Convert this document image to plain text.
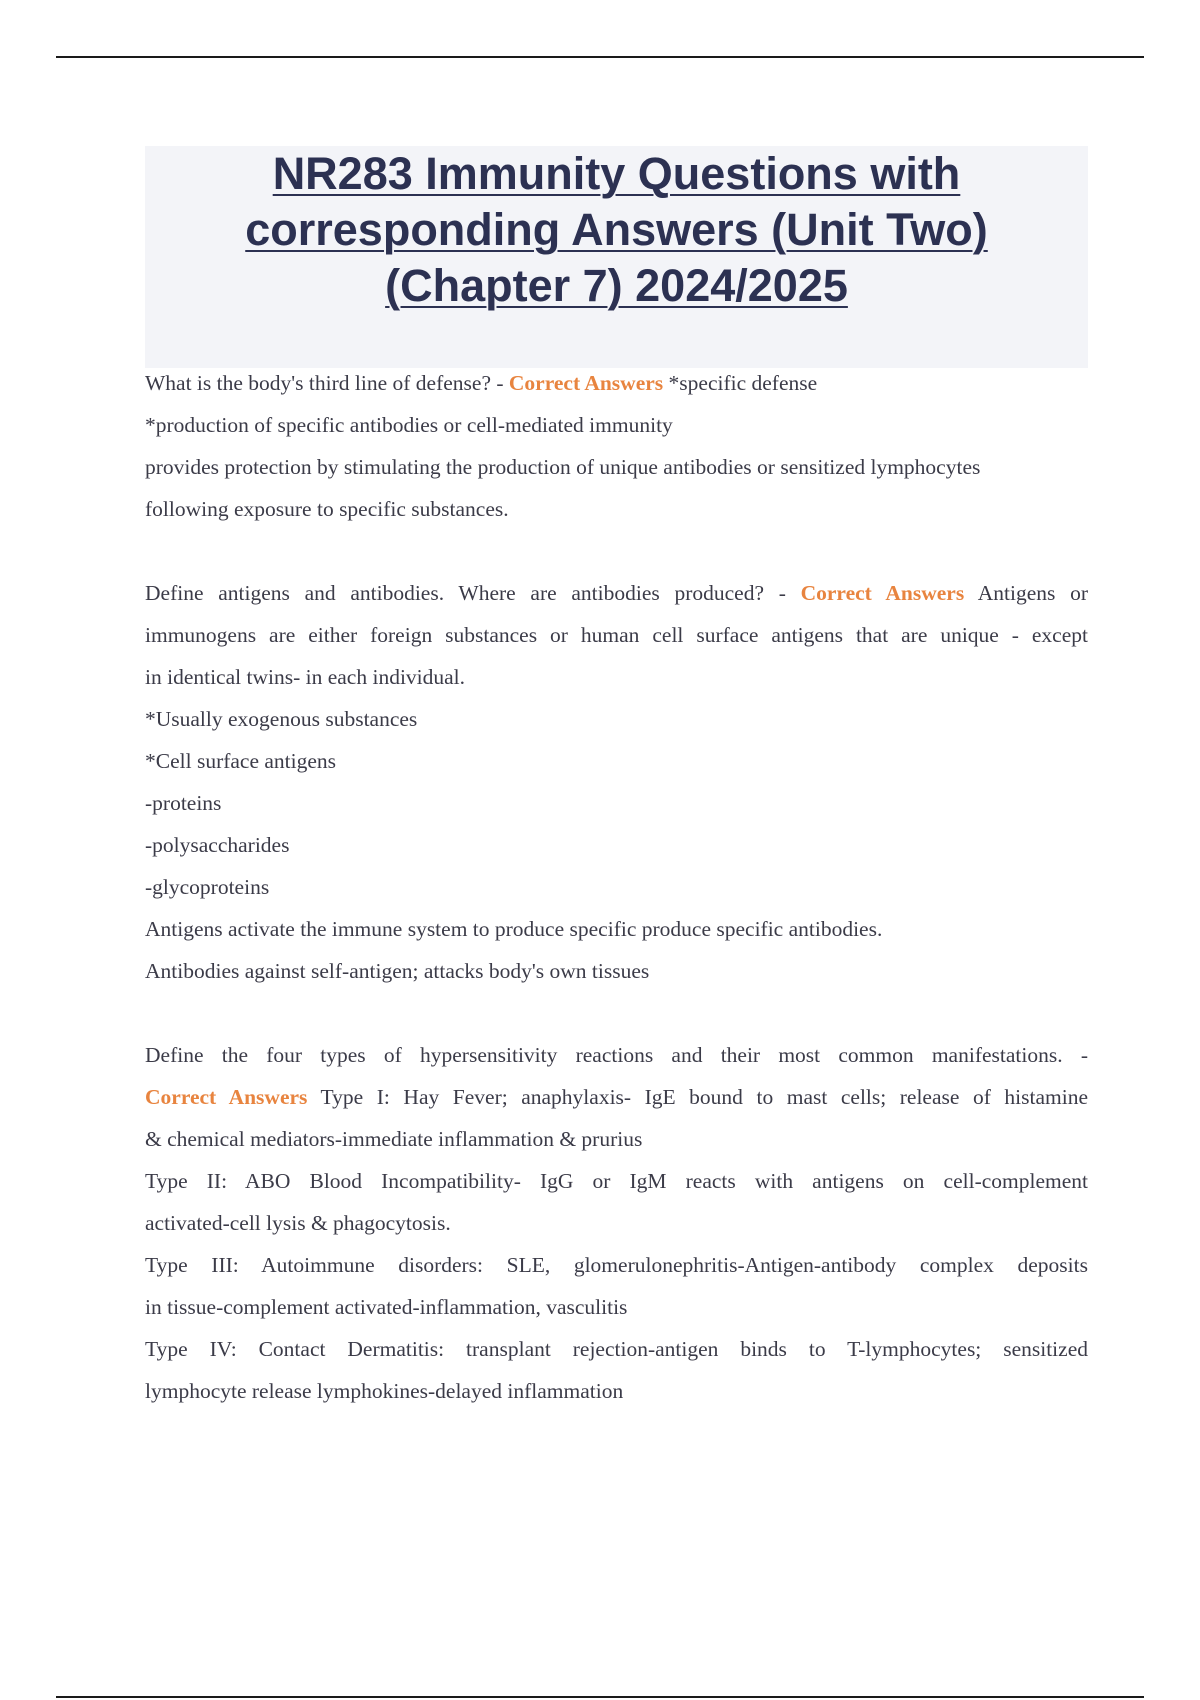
NR283 Immunity Questions with
corresponding Answers (Unit Two)
(Chapter 7) 2024/2025
What is the body's third line of defense? - Correct Answers *specific defense
*production of specific antibodies or cell-mediated immunity
provides protection by stimulating the production of unique antibodies or sensitized lymphocytes
following exposure to specific substances.
Define antigens and antibodies. Where are antibodies produced? - Correct Answers Antigens or
immunogens are either foreign substances or human cell surface antigens that are unique - except
in identical twins- in each individual.
*Usually exogenous substances
*Cell surface antigens
-proteins
-polysaccharides
-glycoproteins
Antigens activate the immune system to produce specific produce specific antibodies.
Antibodies against self-antigen; attacks body's own tissues
Define the four types of hypersensitivity reactions and their most common manifestations. -
Correct Answers Type I: Hay Fever; anaphylaxis- IgE bound to mast cells; release of histamine
& chemical mediators-immediate inflammation & prurius
Type II: ABO Blood Incompatibility- IgG or IgM reacts with antigens on cell-complement
activated-cell lysis & phagocytosis.
Type III: Autoimmune disorders: SLE, glomerulonephritis-Antigen-antibody complex deposits
in tissue-complement activated-inflammation, vasculitis
Type IV: Contact Dermatitis: transplant rejection-antigen binds to T-lymphocytes; sensitized
lymphocyte release lymphokines-delayed inflammation
